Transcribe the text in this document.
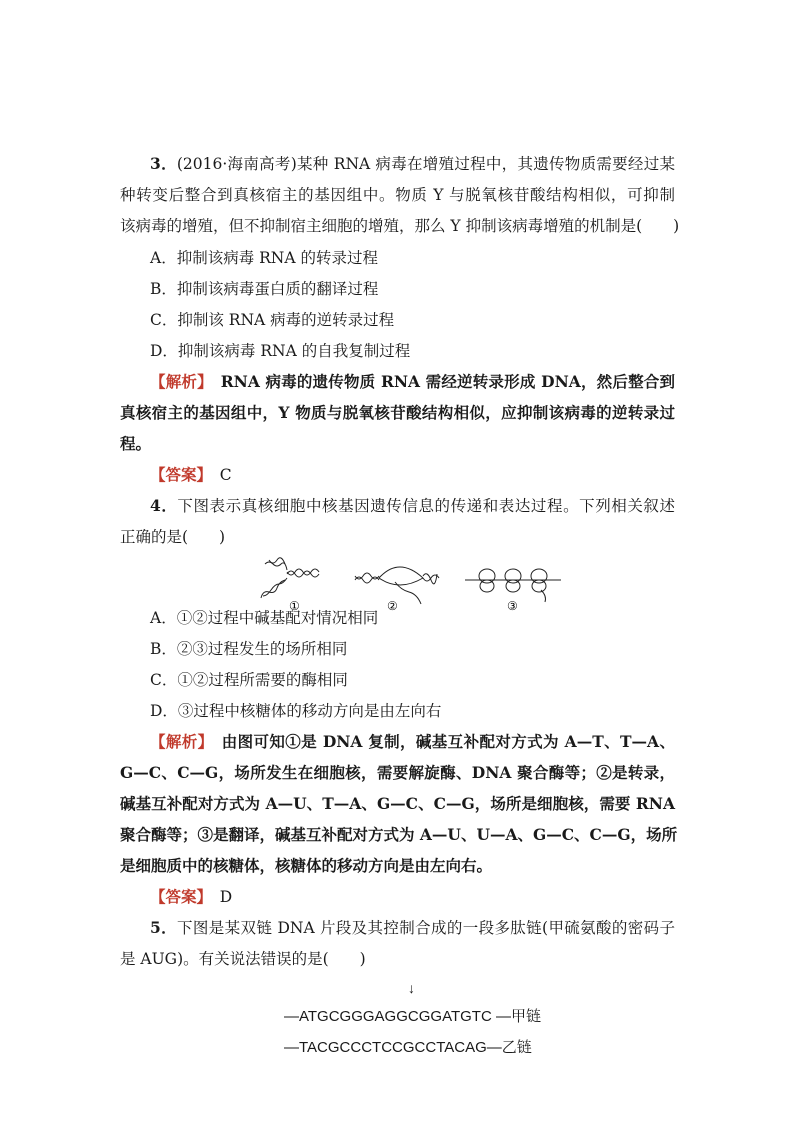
3．(2016·海南高考)某种 RNA 病毒在增殖过程中，其遗传物质需要经过某
种转变后整合到真核宿主的基因组中。物质 Y 与脱氧核苷酸结构相似，可抑制
该病毒的增殖，但不抑制宿主细胞的增殖，那么 Y 抑制该病毒增殖的机制是(　　)
A．抑制该病毒 RNA 的转录过程
B．抑制该病毒蛋白质的翻译过程
C．抑制该 RNA 病毒的逆转录过程
D．抑制该病毒 RNA 的自我复制过程
【解析】　 RNA 病毒的遗传物质 RNA 需经逆转录形成 DNA，然后整合到
真核宿主的基因组中，Y 物质与脱氧核苷酸结构相似，应抑制该病毒的逆转录过
程。
【答案】　 C
4．下图表示真核细胞中核基因遗传信息的传递和表达过程。下列相关叙述
正确的是(　　)
①	②	③
A．①②过程中碱基配对情况相同
B．②③过程发生的场所相同
C．①②过程所需要的酶相同
D．③过程中核糖体的移动方向是由左向右
【解析】　 由图可知①是 DNA 复制，碱基互补配对方式为 A—T、T—A、
G—C、C—G，场所发生在细胞核，需要解旋酶、DNA 聚合酶等；②是转录，
碱基互补配对方式为 A—U、T—A、G—C、C—G，场所是细胞核，需要 RNA
聚合酶等；③是翻译，碱基互补配对方式为 A—U、U—A、G—C、C—G，场所
是细胞质中的核糖体，核糖体的移动方向是由左向右。
【答案】　 D
5．下图是某双链 DNA 片段及其控制合成的一段多肽链(甲硫氨酸的密码子
是 AUG)。有关说法错误的是(　　)
↓
—ATGCGGGAGGCGGATGTC —甲链
—TACGCCCTCCGCCTACAG—乙链
